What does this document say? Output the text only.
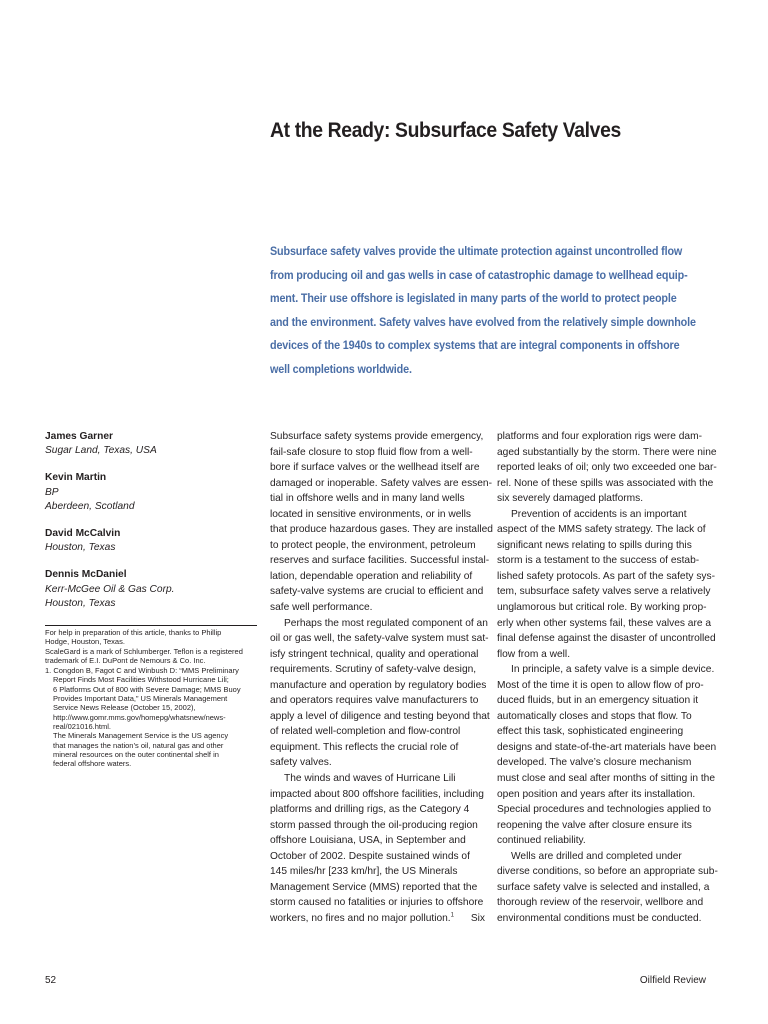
At the Ready: Subsurface Safety Valves
Subsurface safety valves provide the ultimate protection against uncontrolled flow
from producing oil and gas wells in case of catastrophic damage to wellhead equip-
ment. Their use offshore is legislated in many parts of the world to protect people
and the environment. Safety valves have evolved from the relatively simple downhole
devices of the 1940s to complex systems that are integral components in offshore
well completions worldwide.
James Garner
Sugar Land, Texas, USA
Kevin Martin
BP
Aberdeen, Scotland
David McCalvin
Houston, Texas
Dennis McDaniel
Kerr-McGee Oil & Gas Corp.
Houston, Texas
For help in preparation of this article, thanks to Phillip
Hodge, Houston, Texas.
ScaleGard is a mark of Schlumberger. Teflon is a registered
trademark of E.I. DuPont de Nemours & Co. Inc.
1. Congdon B, Fagot C and Winbush D: “MMS Preliminary
Report Finds Most Facilities Withstood Hurricane Lili;
6 Platforms Out of 800 with Severe Damage; MMS Buoy
Provides Important Data,” US Minerals Management
Service News Release (October 15, 2002),
http://www.gomr.mms.gov/homepg/whatsnew/news-
real/021016.html.
The Minerals Management Service is the US agency
that manages the nation’s oil, natural gas and other
mineral resources on the outer continental shelf in
federal offshore waters.
Subsurface safety systems provide emergency,
fail-safe closure to stop fluid flow from a well-
bore if surface valves or the wellhead itself are
damaged or inoperable. Safety valves are essen-
tial in offshore wells and in many land wells
located in sensitive environments, or in wells
that produce hazardous gases. They are installed
to protect people, the environment, petroleum
reserves and surface facilities. Successful instal-
lation, dependable operation and reliability of
safety-valve systems are crucial to efficient and
safe well performance.
Perhaps the most regulated component of an
oil or gas well, the safety-valve system must sat-
isfy stringent technical, quality and operational
requirements. Scrutiny of safety-valve design,
manufacture and operation by regulatory bodies
and operators requires valve manufacturers to
apply a level of diligence and testing beyond that
of related well-completion and flow-control
equipment. This reflects the crucial role of
safety valves.
The winds and waves of Hurricane Lili
impacted about 800 offshore facilities, including
platforms and drilling rigs, as the Category 4
storm passed through the oil-producing region
offshore Louisiana, USA, in September and
October of 2002. Despite sustained winds of
145 miles/hr [233 km/hr], the US Minerals
Management Service (MMS) reported that the
storm caused no fatalities or injuries to offshore
workers, no fires and no major pollution.$^1$ Six
platforms and four exploration rigs were dam-
aged substantially by the storm. There were nine
reported leaks of oil; only two exceeded one bar-
rel. None of these spills was associated with the
six severely damaged platforms.
Prevention of accidents is an important
aspect of the MMS safety strategy. The lack of
significant news relating to spills during this
storm is a testament to the success of estab-
lished safety protocols. As part of the safety sys-
tem, subsurface safety valves serve a relatively
unglamorous but critical role. By working prop-
erly when other systems fail, these valves are a
final defense against the disaster of uncontrolled
flow from a well.
In principle, a safety valve is a simple device.
Most of the time it is open to allow flow of pro-
duced fluids, but in an emergency situation it
automatically closes and stops that flow. To
effect this task, sophisticated engineering
designs and state-of-the-art materials have been
developed. The valve’s closure mechanism
must close and seal after months of sitting in the
open position and years after its installation.
Special procedures and technologies applied to
reopening the valve after closure ensure its
continued reliability.
Wells are drilled and completed under
diverse conditions, so before an appropriate sub-
surface safety valve is selected and installed, a
thorough review of the reservoir, wellbore and
environmental conditions must be conducted.
52	Oilfield Review
